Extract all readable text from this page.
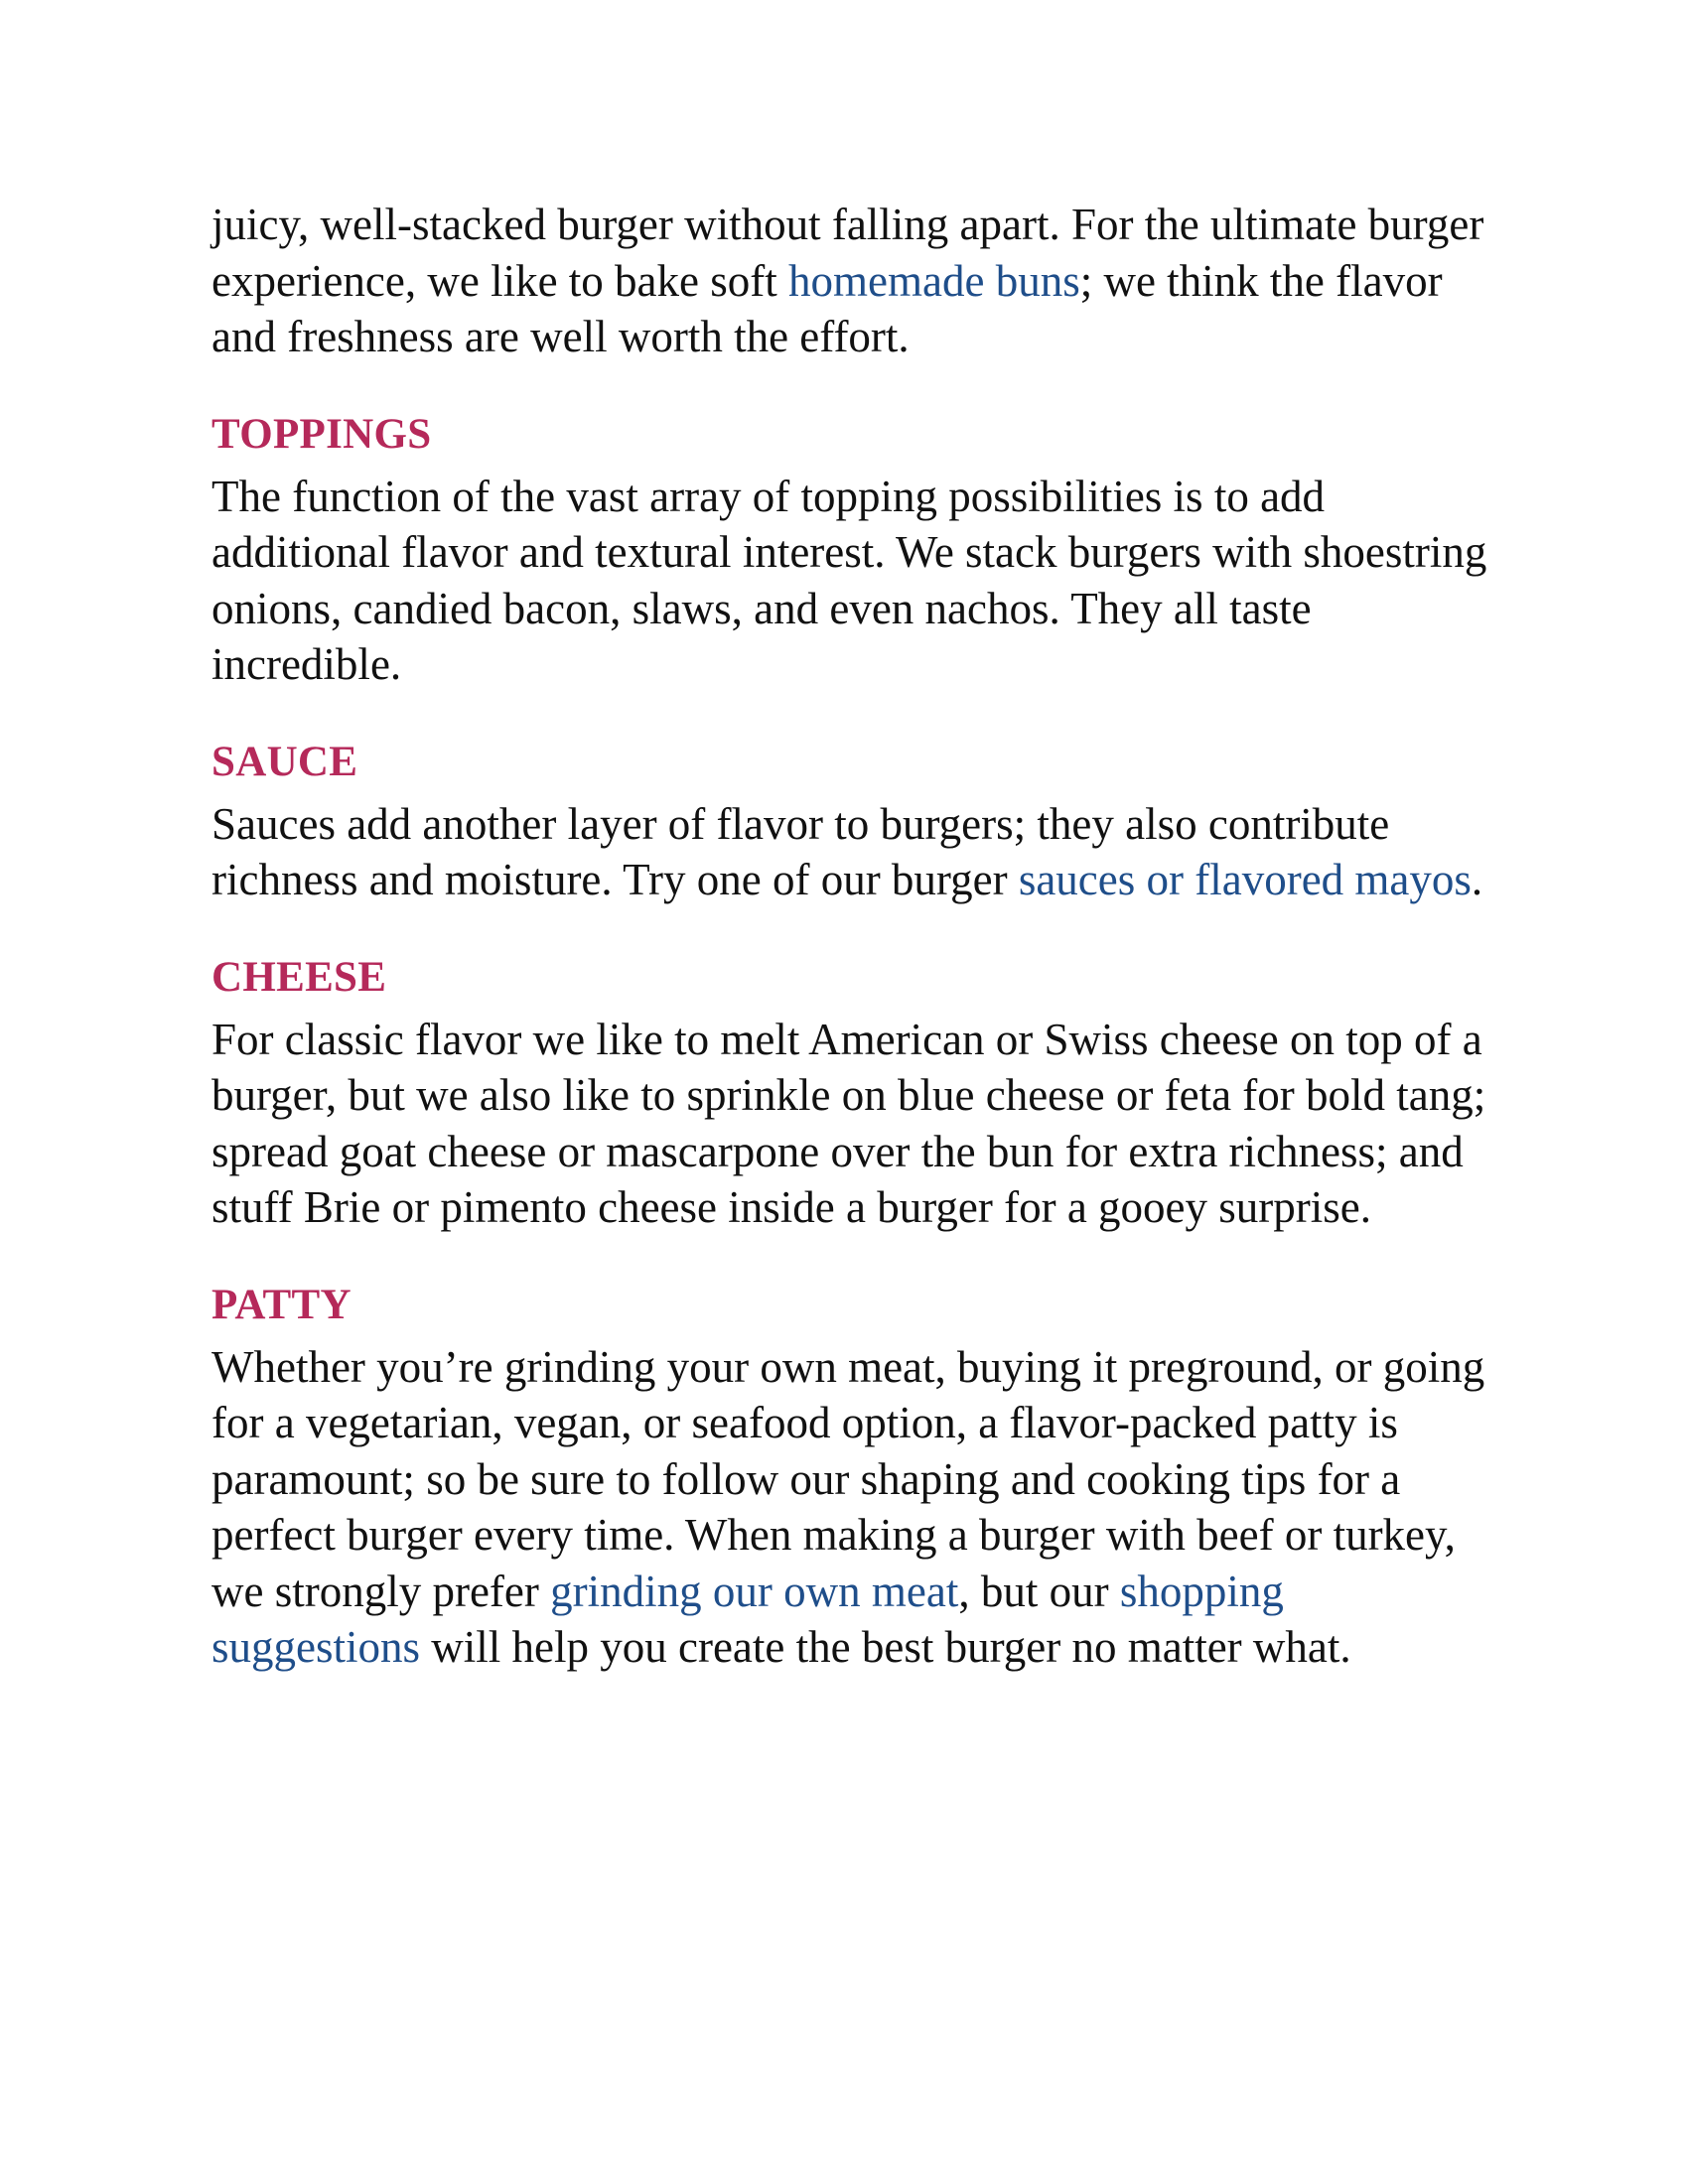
juicy, well-stacked burger without falling apart. For the ultimate burger experience, we like to bake soft homemade buns; we think the flavor and freshness are well worth the effort.

TOPPINGS

The function of the vast array of topping possibilities is to add additional flavor and textural interest. We stack burgers with shoestring onions, candied bacon, slaws, and even nachos. They all taste incredible.

SAUCE

Sauces add another layer of flavor to burgers; they also contribute richness and moisture. Try one of our burger sauces or flavored mayos.

CHEESE

For classic flavor we like to melt American or Swiss cheese on top of a burger, but we also like to sprinkle on blue cheese or feta for bold tang; spread goat cheese or mascarpone over the bun for extra richness; and stuff Brie or pimento cheese inside a burger for a gooey surprise.

PATTY

Whether you’re grinding your own meat, buying it preground, or going for a vegetarian, vegan, or seafood option, a flavor-packed patty is paramount; so be sure to follow our shaping and cooking tips for a perfect burger every time. When making a burger with beef or turkey, we strongly prefer grinding our own meat, but our shopping suggestions will help you create the best burger no matter what.
